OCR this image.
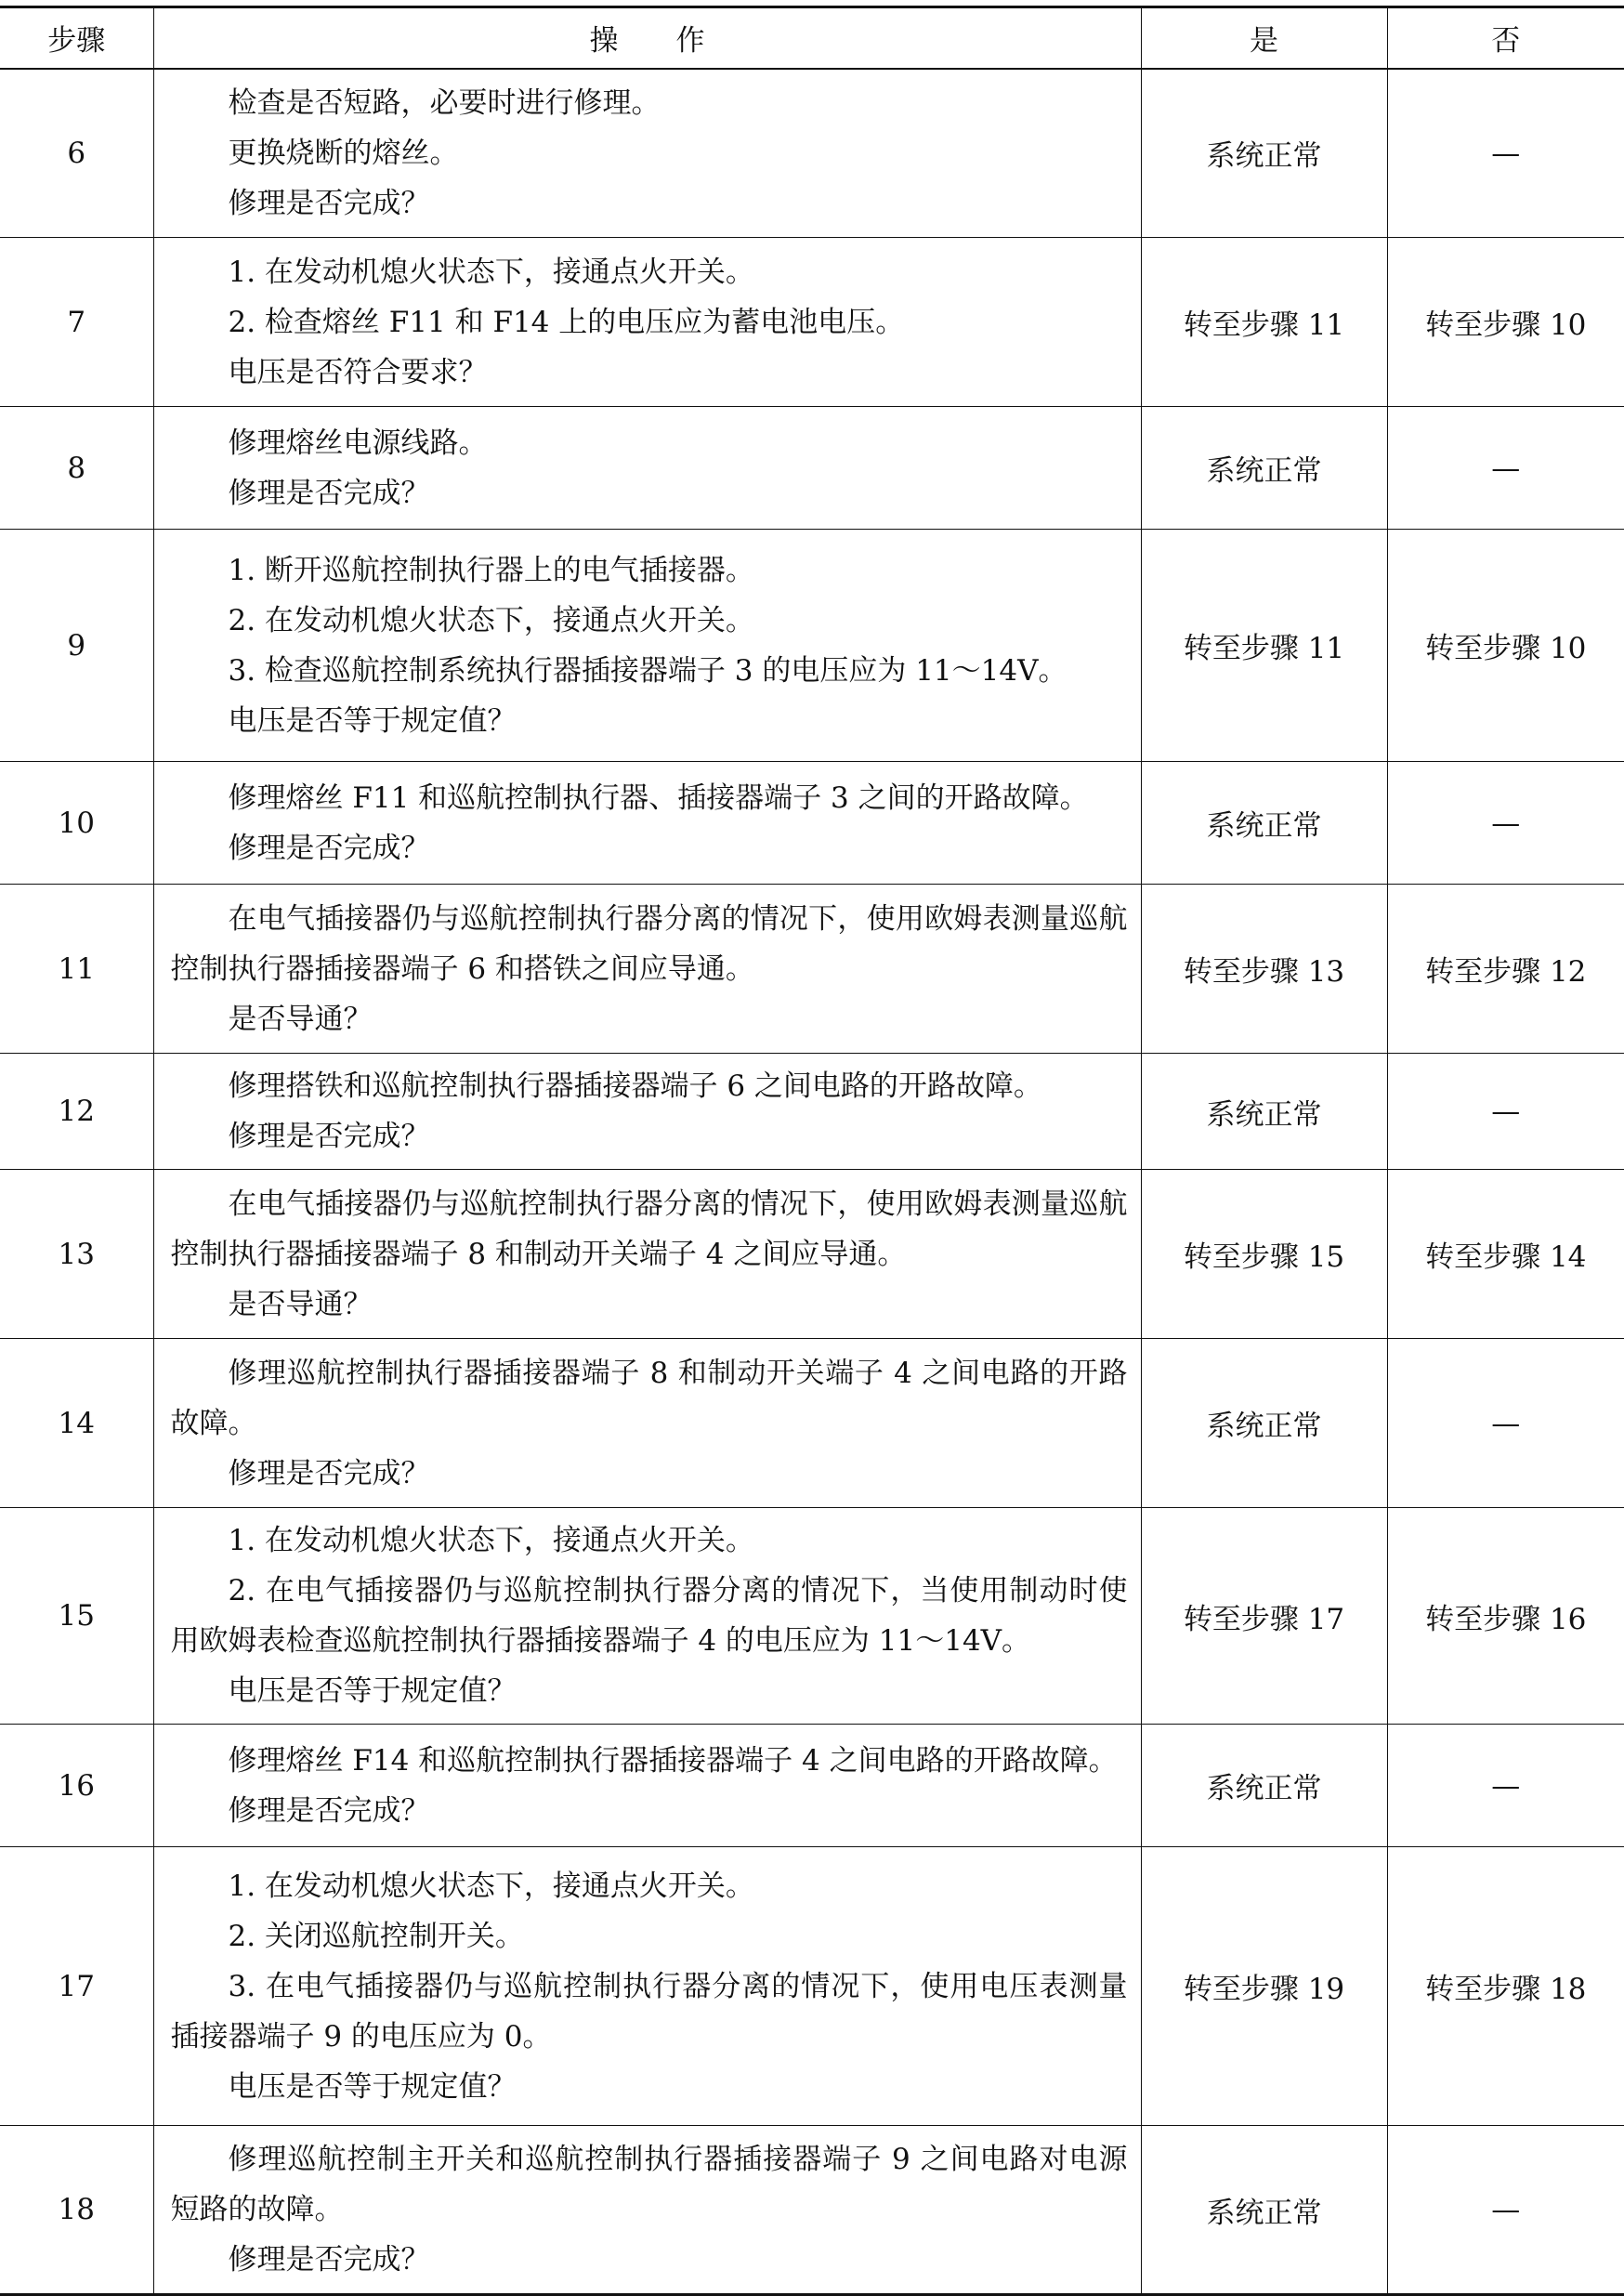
步骤	操　　作	是	否
6	检查是否短路，必要时进行修理。
更换烧断的熔丝。
修理是否完成？	系统正常	—
7	1. 在发动机熄火状态下，接通点火开关。
2. 检查熔丝 F11 和 F14 上的电压应为蓄电池电压。
电压是否符合要求？	转至步骤 11	转至步骤 10
8	修理熔丝电源线路。
修理是否完成？	系统正常	—
9	1. 断开巡航控制执行器上的电气插接器。
2. 在发动机熄火状态下，接通点火开关。
3. 检查巡航控制系统执行器插接器端子 3 的电压应为 11～14V。
电压是否等于规定值？	转至步骤 11	转至步骤 10
10	修理熔丝 F11 和巡航控制执行器、插接器端子 3 之间的开路故障。
修理是否完成？	系统正常	—
11	在电气插接器仍与巡航控制执行器分离的情况下，使用欧姆表测量巡航控制执行器插接器端子 6 和搭铁之间应导通。
是否导通？	转至步骤 13	转至步骤 12
12	修理搭铁和巡航控制执行器插接器端子 6 之间电路的开路故障。
修理是否完成？	系统正常	—
13	在电气插接器仍与巡航控制执行器分离的情况下，使用欧姆表测量巡航控制执行器插接器端子 8 和制动开关端子 4 之间应导通。
是否导通？	转至步骤 15	转至步骤 14
14	修理巡航控制执行器插接器端子 8 和制动开关端子 4 之间电路的开路故障。
修理是否完成？	系统正常	—
15	1. 在发动机熄火状态下，接通点火开关。
2. 在电气插接器仍与巡航控制执行器分离的情况下，当使用制动时使用欧姆表检查巡航控制执行器插接器端子 4 的电压应为 11～14V。
电压是否等于规定值？	转至步骤 17	转至步骤 16
16	修理熔丝 F14 和巡航控制执行器插接器端子 4 之间电路的开路故障。
修理是否完成？	系统正常	—
17	1. 在发动机熄火状态下，接通点火开关。
2. 关闭巡航控制开关。
3. 在电气插接器仍与巡航控制执行器分离的情况下，使用电压表测量插接器端子 9 的电压应为 0。
电压是否等于规定值？	转至步骤 19	转至步骤 18
18	修理巡航控制主开关和巡航控制执行器插接器端子 9 之间电路对电源短路的故障。
修理是否完成？	系统正常	—
